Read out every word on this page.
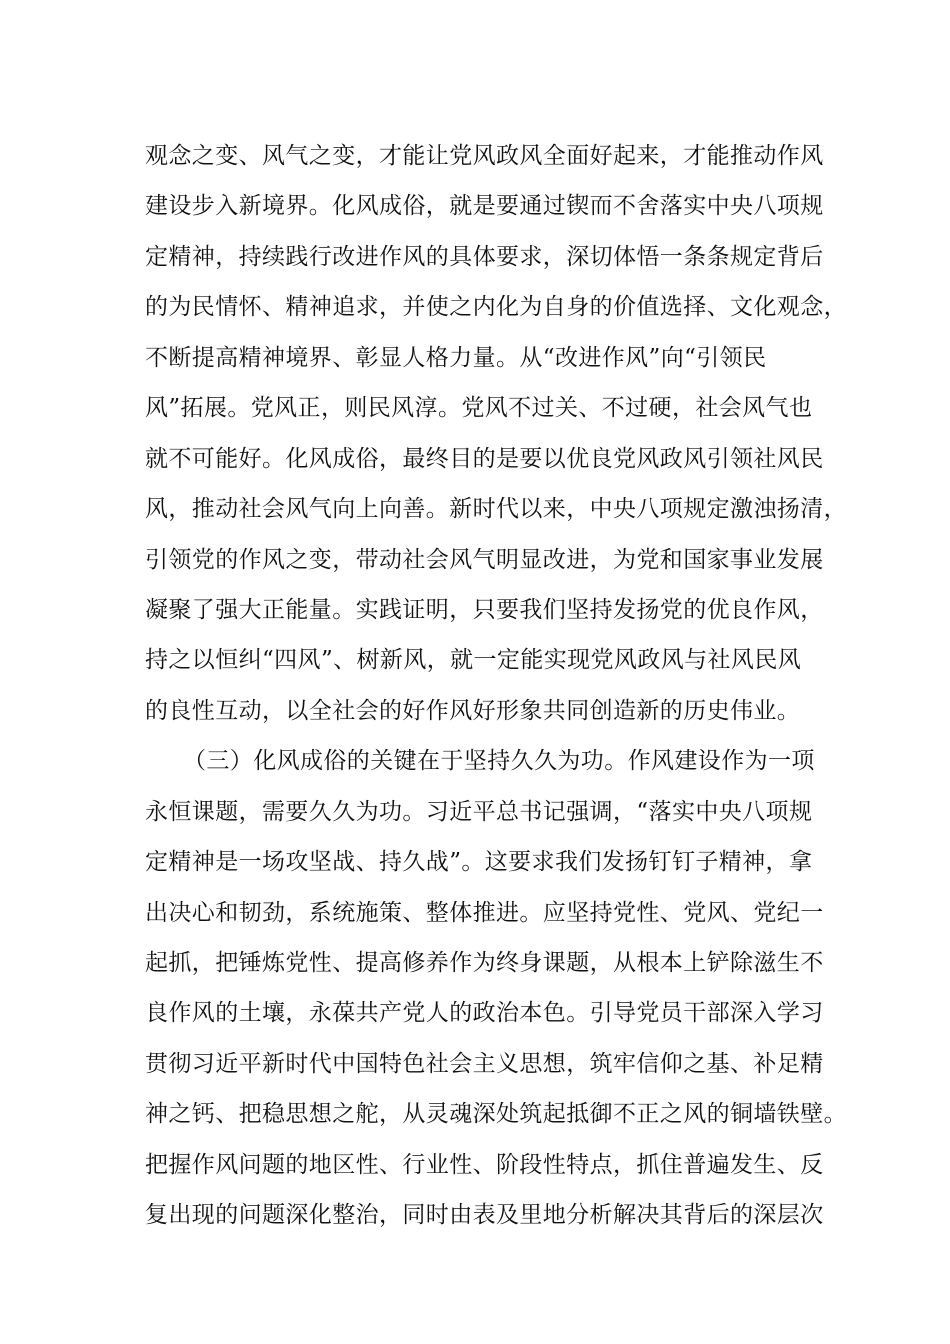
观念之变、风气之变，才能让党风政风全面好起来，才能推动作风
建设步入新境界。化风成俗，就是要通过锲而不舍落实中央八项规
定精神，持续践行改进作风的具体要求，深切体悟一条条规定背后
的为民情怀、精神追求，并使之内化为自身的价值选择、文化观念，
不断提高精神境界、彰显人格力量。从“改进作风”向“引领民
风”拓展。党风正，则民风淳。党风不过关、不过硬，社会风气也
就不可能好。化风成俗，最终目的是要以优良党风政风引领社风民
风，推动社会风气向上向善。新时代以来，中央八项规定激浊扬清，
引领党的作风之变，带动社会风气明显改进，为党和国家事业发展
凝聚了强大正能量。实践证明，只要我们坚持发扬党的优良作风，
持之以恒纠“四风”、树新风，就一定能实现党风政风与社风民风
的良性互动，以全社会的好作风好形象共同创造新的历史伟业。
（三）化风成俗的关键在于坚持久久为功。作风建设作为一项
永恒课题，需要久久为功。习近平总书记强调，“落实中央八项规
定精神是一场攻坚战、持久战”。这要求我们发扬钉钉子精神，拿
出决心和韧劲，系统施策、整体推进。应坚持党性、党风、党纪一
起抓，把锤炼党性、提高修养作为终身课题，从根本上铲除滋生不
良作风的土壤，永葆共产党人的政治本色。引导党员干部深入学习
贯彻习近平新时代中国特色社会主义思想，筑牢信仰之基、补足精
神之钙、把稳思想之舵，从灵魂深处筑起抵御不正之风的铜墙铁壁。
把握作风问题的地区性、行业性、阶段性特点，抓住普遍发生、反
复出现的问题深化整治，同时由表及里地分析解决其背后的深层次
